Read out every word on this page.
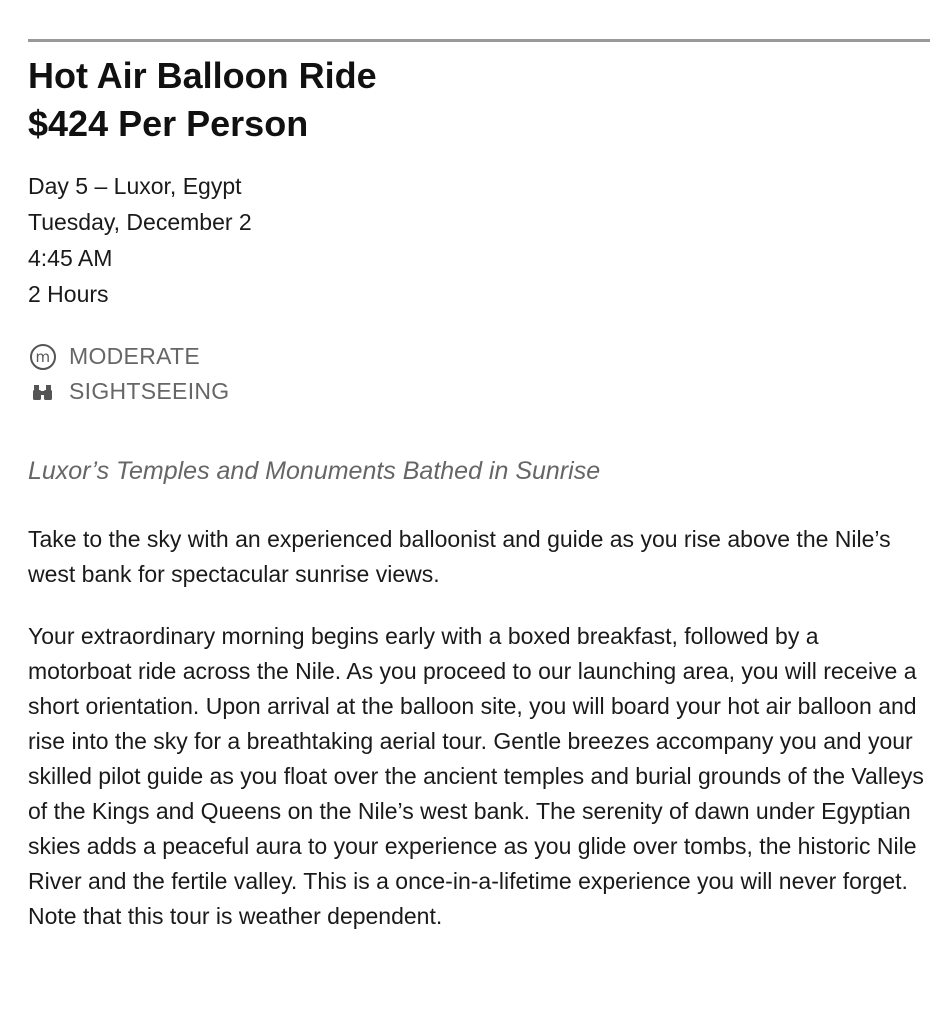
Hot Air Balloon Ride
$424 Per Person
Day 5 – Luxor, Egypt
Tuesday, December 2
4:45 AM
2 Hours
m MODERATE
SIGHTSEEING
Luxor’s Temples and Monuments Bathed in Sunrise

Take to the sky with an experienced balloonist and guide as you rise above the Nile’s west bank for spectacular sunrise views.

Your extraordinary morning begins early with a boxed breakfast, followed by a motorboat ride across the Nile. As you proceed to our launching area, you will receive a short orientation. Upon arrival at the balloon site, you will board your hot air balloon and rise into the sky for a breathtaking aerial tour. Gentle breezes accompany you and your skilled pilot guide as you float over the ancient temples and burial grounds of the Valleys of the Kings and Queens on the Nile’s west bank. The serenity of dawn under Egyptian skies adds a peaceful aura to your experience as you glide over tombs, the historic Nile River and the fertile valley. This is a once-in-a-lifetime experience you will never forget. Note that this tour is weather dependent.
